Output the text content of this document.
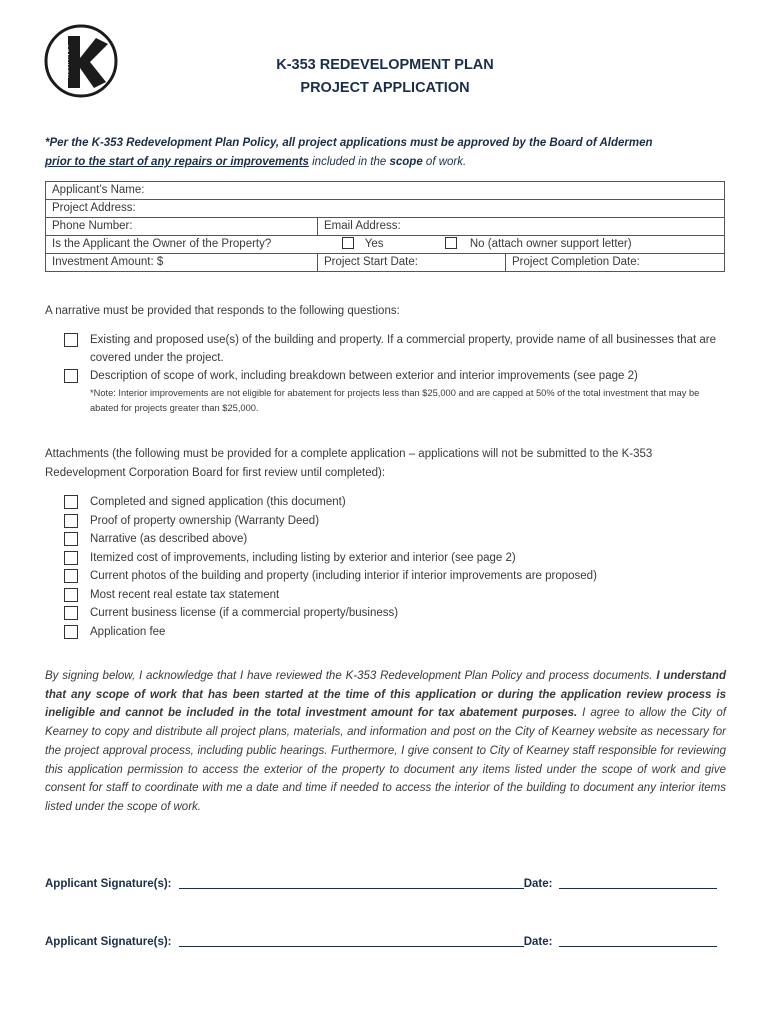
KEARNEY	K-353 REDEVELOPMENT PLAN
PROJECT APPLICATION
*Per the K-353 Redevelopment Plan Policy, all project applications must be approved by the Board of Aldermen
prior to the start of any repairs or improvements included in the scope of work.
Applicant’s Name:		
Project Address:		
Phone Number:	Email Address:	
Is the Applicant the Owner of the Property?	Yes No (attach owner support letter)	
Investment Amount: $	Project Start Date:	Project Completion Date:
A narrative must be provided that responds to the following questions:
Existing and proposed use(s) of the building and property. If a commercial property, provide name of all businesses that are covered under the project.
Description of scope of work, including breakdown between exterior and interior improvements (see page 2)
*Note: Interior improvements are not eligible for abatement for projects less than $25,000 and are capped at 50% of the total investment that may be abated for projects greater than $25,000.
Attachments (the following must be provided for a complete application – applications will not be submitted to the K-353 Redevelopment Corporation Board for first review until completed):
Completed and signed application (this document)
Proof of property ownership (Warranty Deed)
Narrative (as described above)
Itemized cost of improvements, including listing by exterior and interior (see page 2)
Current photos of the building and property (including interior if interior improvements are proposed)
Most recent real estate tax statement
Current business license (if a commercial property/business)
Application fee
By signing below, I acknowledge that I have reviewed the K-353 Redevelopment Plan Policy and process documents. I understand that any scope of work that has been started at the time of this application or during the application review process is ineligible and cannot be included in the total investment amount for tax abatement purposes. I agree to allow the City of Kearney to copy and distribute all project plans, materials, and information and post on the City of Kearney website as necessary for the project approval process, including public hearings. Furthermore, I give consent to City of Kearney staff responsible for reviewing this application permission to access the exterior of the property to document any items listed under the scope of work and give consent for staff to coordinate with me a date and time if needed to access the interior of the building to document any interior items listed under the scope of work.
Applicant Signature(s):	Date:
Applicant Signature(s):	Date:
